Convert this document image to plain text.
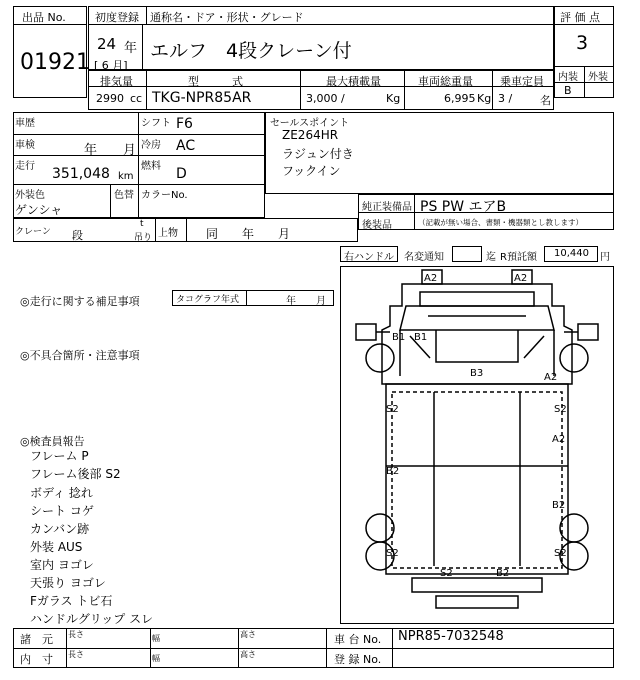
出品 No.
01921
初度登録 通称名・ドア・形状・グレード
24 年
[ 6 月]
エルフ　4段クレーン付
評 価 点
3
内装 外装
B
排気量	型　　　式	最大積載量	車両総重量 乗車定員
2990 cc TKG-NPR85AR	3,000 /	Kg	6,995 Kg 3 /	名
車歴	シフト F6
車検	年　　月 冷房 AC
走行 351,048 km
燃料 D
外装色
ゲンシャ
色替 カラーNo.
セールスポイント
ZE264HR
ラジュン付き
フックイン
純正装備品 PS PW エアB
後装品	（記載が無い場合、書類・機器類とし教します）
クレーン 段
t
吊り 上物 同　　年　　月
右ハンドル 名変通知	迄 R預託額 10,440 円
◎走行に関する補足事項	タコグラフ年式	年　　月
◎不具合箇所・注意事項
◎検査員報告
フレーム P
フレーム後部 S2
ボディ 捻れ
シート コゲ
カンバン跡
外装 AUS
室内 ヨゴレ
天張り ヨゴレ
Fガラス トビ石
ハンドルグリップ スレ
A2	A2
B1 B1
B3	A2
S2	S2
A2
B2
B2
S2	S2
S2	B2
諸　元
内　寸
長さ	幅	高さ
長さ	幅	高さ
車 台 No. NPR85-7032548
登 録 No.
